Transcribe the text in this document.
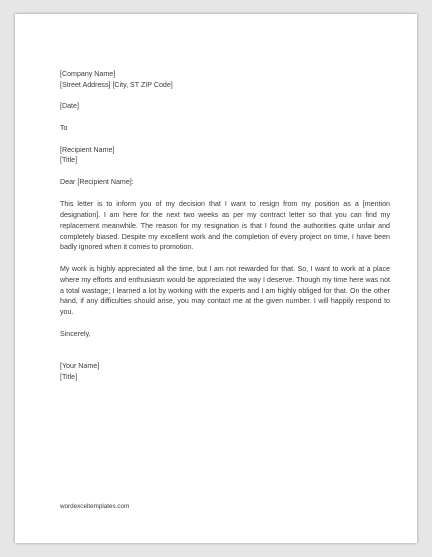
[Company Name]
[Street Address] [City, ST ZIP Code]
[Date]
To
[Recipient Name]
[Title]
Dear [Recipient Name]:
This letter is to inform you of my decision that I want to resign from my position as a [mention designation]. I am here for the next two weeks as per my contract letter so that you can find my replacement meanwhile. The reason for my resignation is that I found the authorities quite unfair and completely biased. Despite my excellent work and the completion of every project on time, I have been badly ignored when it comes to promotion.
My work is highly appreciated all the time, but I am not rewarded for that. So, I want to work at a place where my efforts and enthusiasm would be appreciated the way I deserve. Though my time here was not a total wastage; I learned a lot by working with the experts and I am highly obliged for that. On the other hand, if any difficulties should arise, you may contact me at the given number. I will happily respond to you.
Sincerely,
[Your Name]
[Title]
wordexceltemplates.com
